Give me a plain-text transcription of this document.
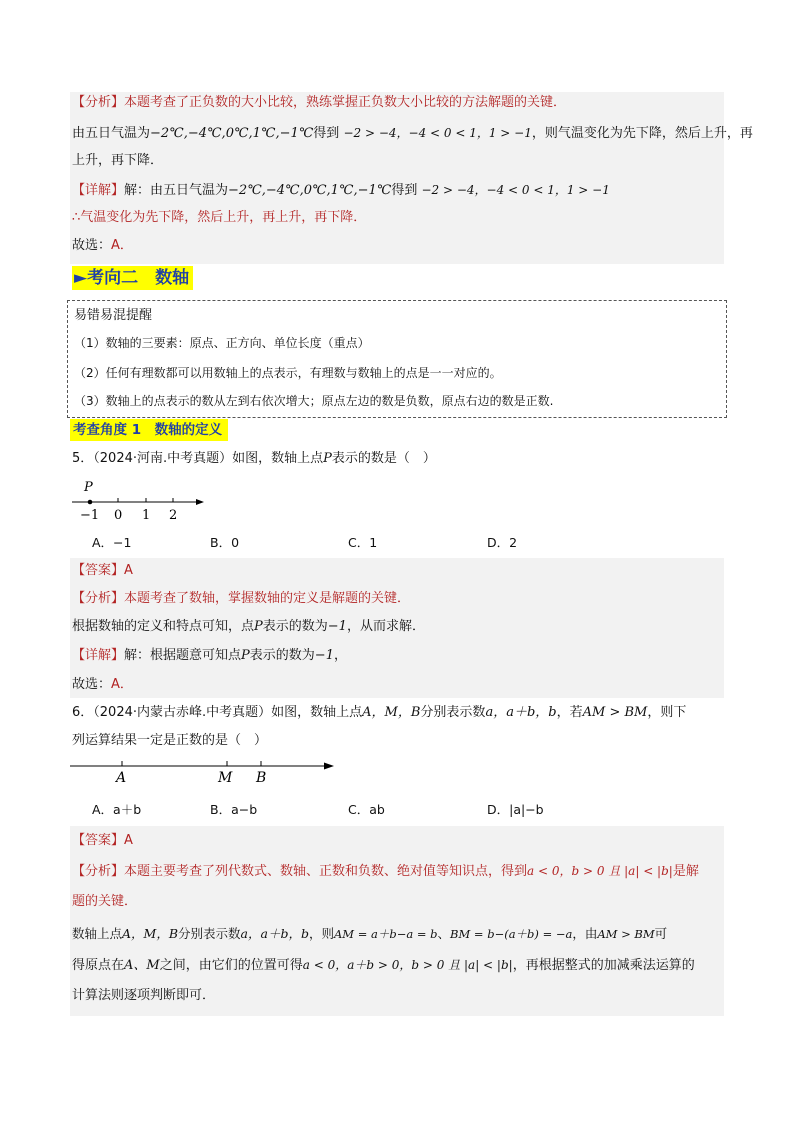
【分析】本题考查了正负数的大小比较，熟练掌握正负数大小比较的方法解题的关键．
由五日气温为−2℃,−4℃,0℃,1℃,−1℃得到 −2 > −4，−4 < 0 < 1，1 > −1，则气温变化为先下降，然后上升，再
上升，再下降．
【详解】解：由五日气温为−2℃,−4℃,0℃,1℃,−1℃得到 −2 > −4，−4 < 0 < 1，1 > −1
∴气温变化为先下降，然后上升，再上升，再下降．
故选：A．
►考向二　数轴
易错易混提醒
（1）数轴的三要素：原点、正方向、单位长度（重点）
（2）任何有理数都可以用数轴上的点表示，有理数与数轴上的点是一一对应的。
（3）数轴上的点表示的数从左到右依次增大；原点左边的数是负数，原点右边的数是正数.
考查角度 1　数轴的定义
5．（2024·河南.中考真题）如图，数轴上点P表示的数是（　）
P
−1 0 1 2
A．−1	B．0	C．1	D．2
【答案】A
【分析】本题考查了数轴，掌握数轴的定义是解题的关键．
根据数轴的定义和特点可知，点P表示的数为−1，从而求解．
【详解】解：根据题意可知点P表示的数为−1，
故选：A．
6．（2024·内蒙古赤峰.中考真题）如图，数轴上点A，M，B分别表示数a，a＋b，b，若AM > BM，则下
列运算结果一定是正数的是（　）
A	M B
A．a＋b	B．a−b	C．ab	D．|a|−b
【答案】A
【分析】本题主要考查了列代数式、数轴、正数和负数、绝对值等知识点，得到a < 0，b > 0 且 |a| < |b|是解
题的关键．
数轴上点A，M，B分别表示数a，a＋b，b，则AM = a＋b−a = b、BM = b−(a＋b) = −a，由AM > BM可
得原点在A、M之间，由它们的位置可得a < 0，a＋b > 0，b > 0 且 |a| < |b|，再根据整式的加减乘法运算的
计算法则逐项判断即可．
